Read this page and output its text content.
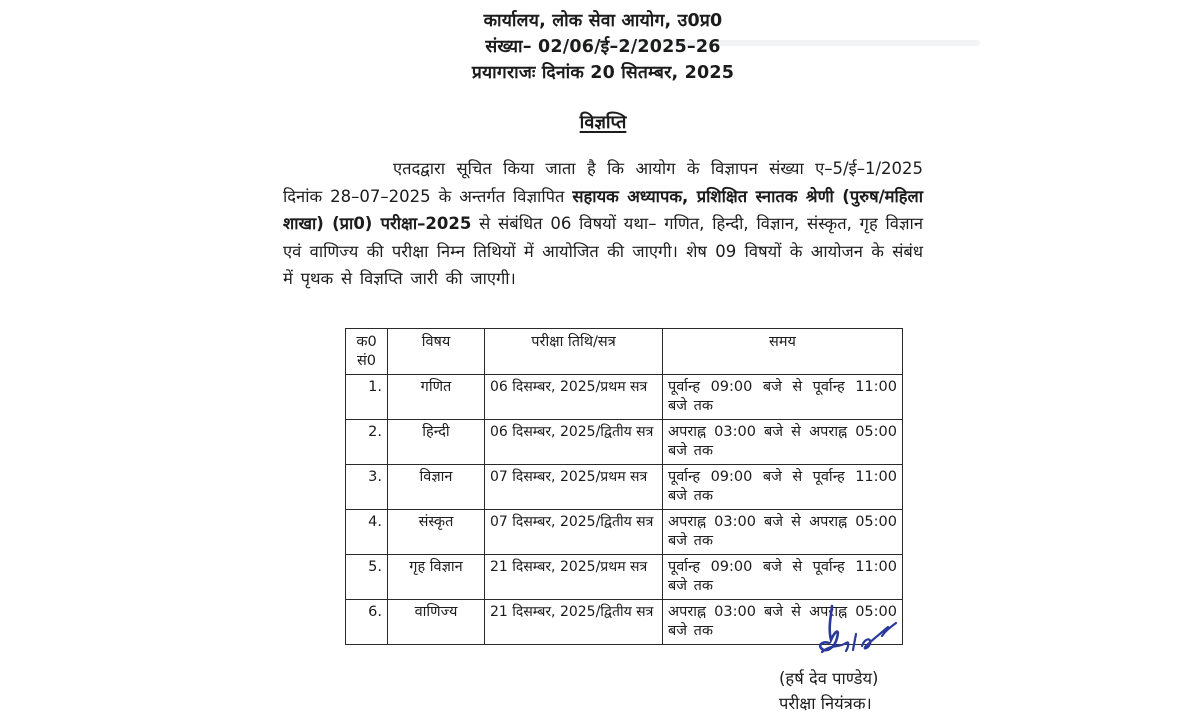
कार्यालय, लोक सेवा आयोग, उ0प्र0
संख्या– 02/06/ई–2/2025–26
प्रयागराजः दिनांक 20 सितम्बर, 2025
विज्ञप्ति

एतदद्वारा सूचित किया जाता है कि आयोग के विज्ञापन संख्या ए–5/ई–1/2025 दिनांक 28–07–2025 के अन्तर्गत विज्ञापित सहायक अध्यापक, प्रशिक्षित स्नातक श्रेणी (पुरुष/महिला शाखा) (प्रा0) परीक्षा–2025 से संबंधित 06 विषयों यथा– गणित, हिन्दी, विज्ञान, संस्कृत, गृह विज्ञान एवं वाणिज्य की परीक्षा निम्न तिथियों में आयोजित की जाएगी। शेष 09 विषयों के आयोजन के संबंध में पृथक से विज्ञप्ति जारी की जाएगी।

क0
सं0	विषय	परीक्षा तिथि/सत्र	समय
1.	गणित	06 दिसम्बर, 2025/प्रथम सत्र	पूर्वान्ह 09:00 बजे से पूर्वान्ह 11:00 बजे तक
2.	हिन्दी	06 दिसम्बर, 2025/द्वितीय सत्र	अपराह्न 03:00 बजे से अपराह्न 05:00 बजे तक
3.	विज्ञान	07 दिसम्बर, 2025/प्रथम सत्र	पूर्वान्ह 09:00 बजे से पूर्वान्ह 11:00 बजे तक
4.	संस्कृत	07 दिसम्बर, 2025/द्वितीय सत्र	अपराह्न 03:00 बजे से अपराह्न 05:00 बजे तक
5.	गृह विज्ञान	21 दिसम्बर, 2025/प्रथम सत्र	पूर्वान्ह 09:00 बजे से पूर्वान्ह 11:00 बजे तक
6.	वाणिज्य	21 दिसम्बर, 2025/द्वितीय सत्र	अपराह्न 03:00 बजे से अपराह्न 05:00 बजे तक
(हर्ष देव पाण्डेय)
परीक्षा नियंत्रक।
